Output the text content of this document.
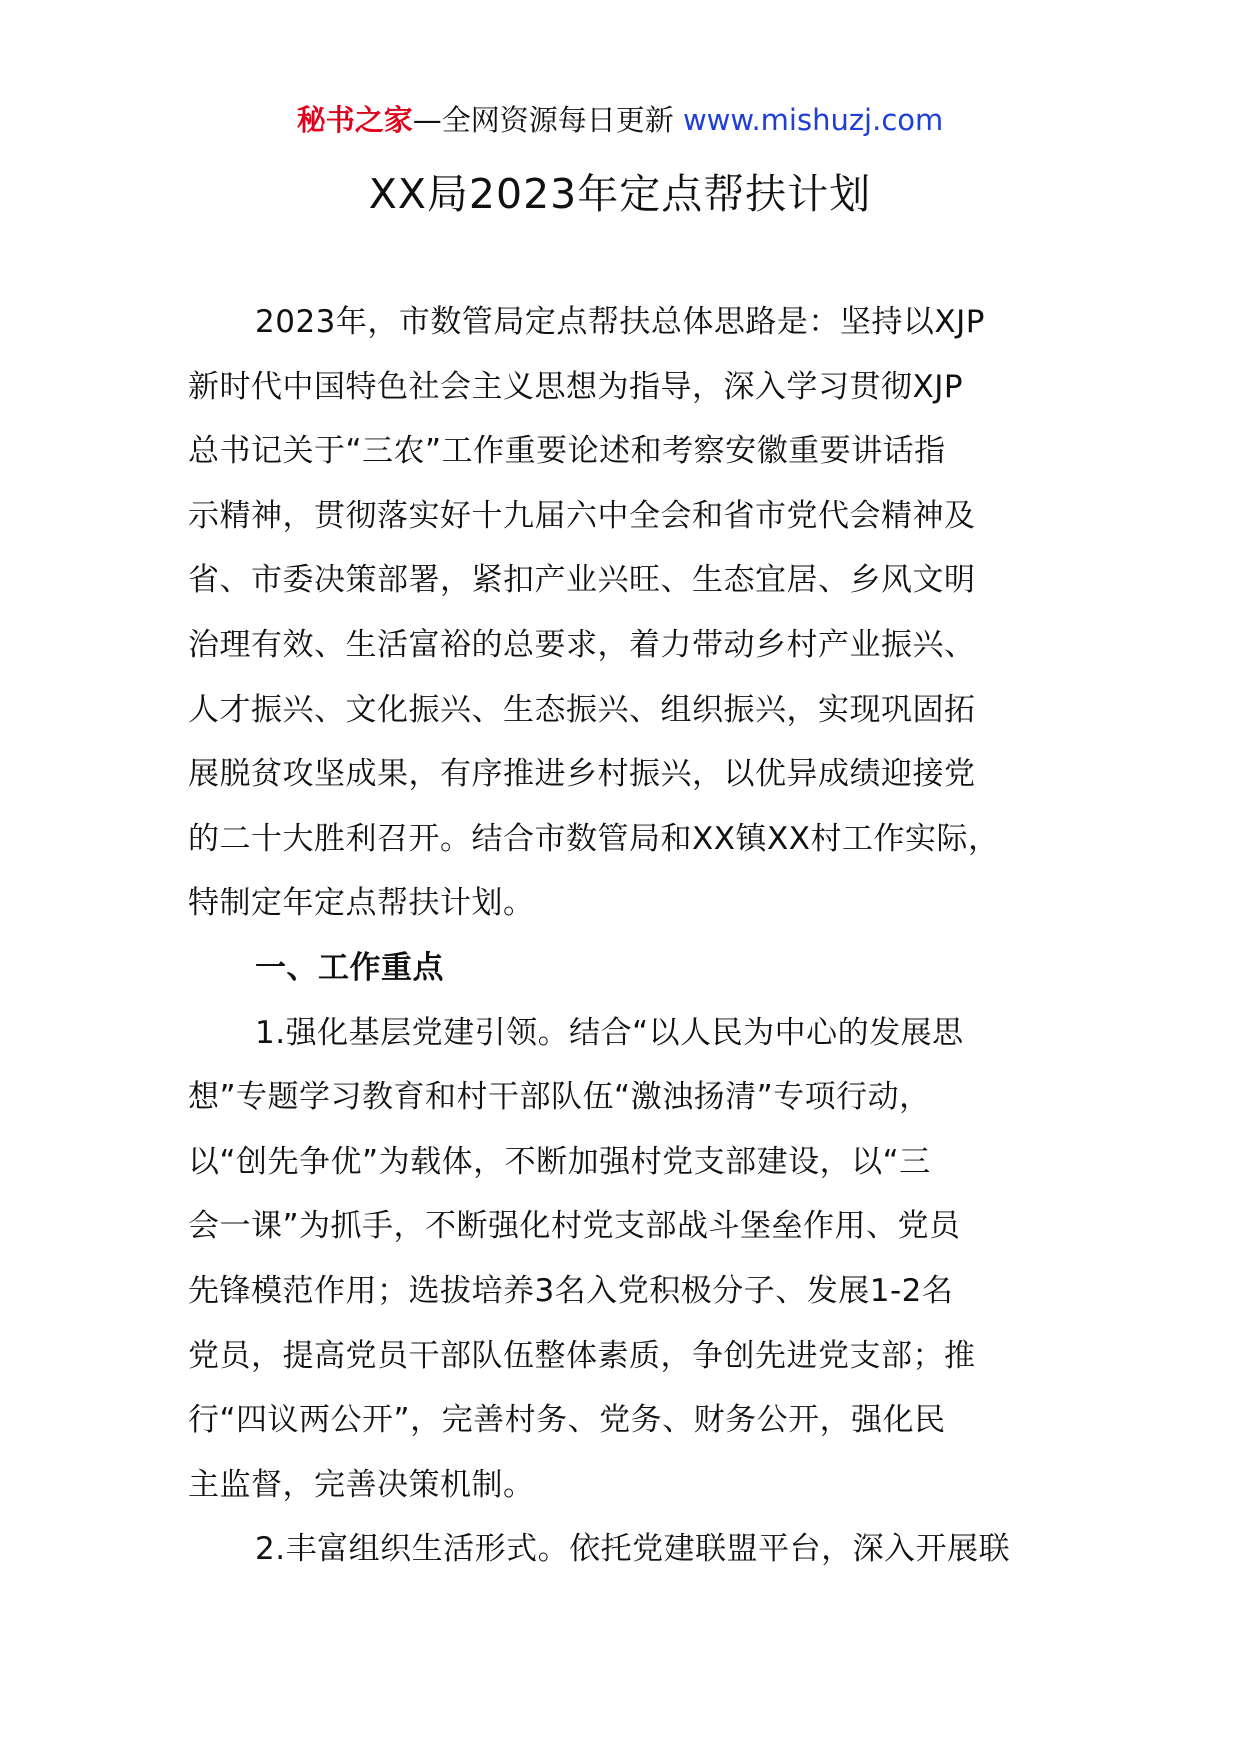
秘书之家—全网资源每日更新 www.mishuzj.com
XX局2023年定点帮扶计划
2023年，市数管局定点帮扶总体思路是：坚持以XJP
新时代中国特色社会主义思想为指导，深入学习贯彻XJP
总书记关于“三农”工作重要论述和考察安徽重要讲话指
示精神，贯彻落实好十九届六中全会和省市党代会精神及
省、市委决策部署，紧扣产业兴旺、生态宜居、乡风文明
治理有效、生活富裕的总要求，着力带动乡村产业振兴、
人才振兴、文化振兴、生态振兴、组织振兴，实现巩固拓
展脱贫攻坚成果，有序推进乡村振兴，以优异成绩迎接党
的二十大胜利召开。结合市数管局和XX镇XX村工作实际，
特制定年定点帮扶计划。
一、工作重点
1.强化基层党建引领。结合“以人民为中心的发展思
想”专题学习教育和村干部队伍“激浊扬清”专项行动，
以“创先争优”为载体，不断加强村党支部建设，以“三
会一课”为抓手，不断强化村党支部战斗堡垒作用、党员
先锋模范作用；选拔培养3名入党积极分子、发展1-2名
党员，提高党员干部队伍整体素质，争创先进党支部；推
行“四议两公开”，完善村务、党务、财务公开，强化民
主监督，完善决策机制。
2.丰富组织生活形式。依托党建联盟平台，深入开展联
